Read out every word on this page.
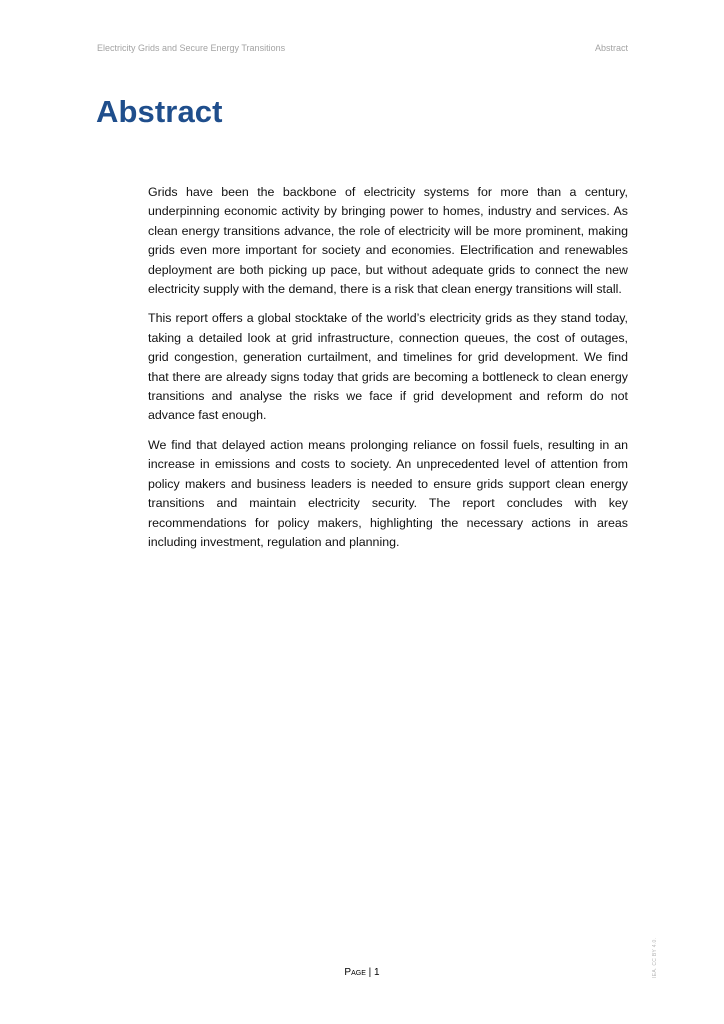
Electricity Grids and Secure Energy Transitions	Abstract
Abstract

Grids have been the backbone of electricity systems for more than a century, underpinning economic activity by bringing power to homes, industry and services. As clean energy transitions advance, the role of electricity will be more prominent, making grids even more important for society and economies. Electrification and renewables deployment are both picking up pace, but without adequate grids to connect the new electricity supply with the demand, there is a risk that clean energy transitions will stall.

This report offers a global stocktake of the world’s electricity grids as they stand today, taking a detailed look at grid infrastructure, connection queues, the cost of outages, grid congestion, generation curtailment, and timelines for grid development. We find that there are already signs today that grids are becoming a bottleneck to clean energy transitions and analyse the risks we face if grid development and reform do not advance fast enough.

We find that delayed action means prolonging reliance on fossil fuels, resulting in an increase in emissions and costs to society. An unprecedented level of attention from policy makers and business leaders is needed to ensure grids support clean energy transitions and maintain electricity security. The report concludes with key recommendations for policy makers, highlighting the necessary actions in areas including investment, regulation and planning.

Page | 1	IEA. CC BY 4.0.
